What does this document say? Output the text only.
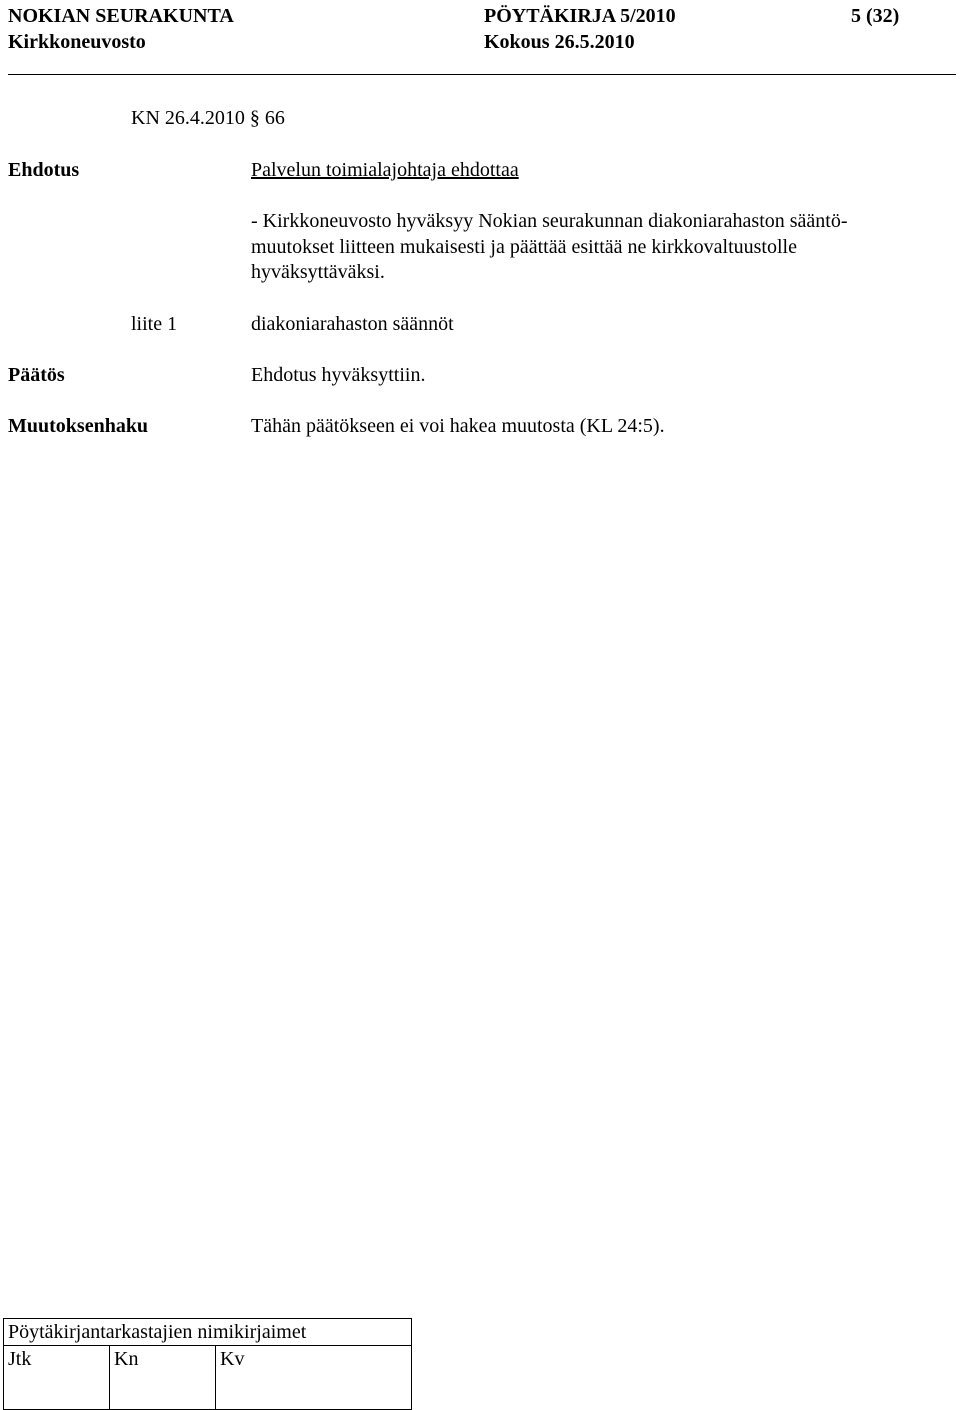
NOKIAN SEURAKUNTA	PÖYTÄKIRJA 5/2010	5 (32)
Kirkkoneuvosto	Kokous 26.5.2010
KN 26.4.2010 § 66
Ehdotus	Palvelun toimialajohtaja ehdottaa
- Kirkkoneuvosto hyväksyy Nokian seurakunnan diakoniarahaston sääntö-
muutokset liitteen mukaisesti ja päättää esittää ne kirkkovaltuustolle
hyväksyttäväksi.
liite 1	diakoniarahaston säännöt
Päätös	Ehdotus hyväksyttiin.
Muutoksenhaku	Tähän päätökseen ei voi hakea muutosta (KL 24:5).
Pöytäkirjantarkastajien nimikirjaimet
Jtk	Kn	Kv
